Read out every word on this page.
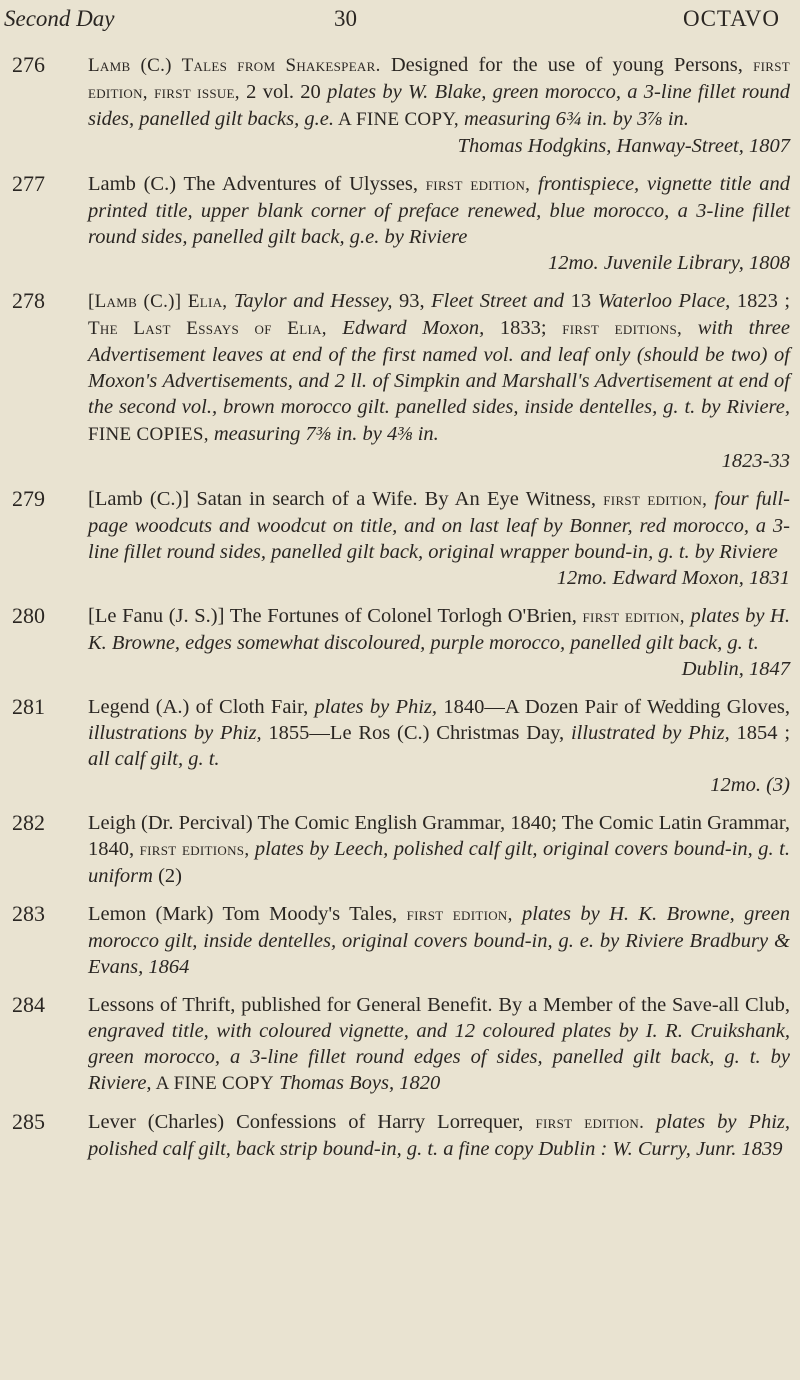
Second Day	30	OCTAVO
276	Lamb (C.) Tales from Shakespear. Designed for the use of young Persons, first edition, first issue, 2 vol. 20 plates by W. Blake, green morocco, a 3-line fillet round sides, panelled gilt backs, g.e. A FINE COPY, measuring 6¾ in. by 3⅞ in.
Thomas Hodgkins, Hanway-Street, 1807
277	Lamb (C.) The Adventures of Ulysses, first edition, frontispiece, vignette title and printed title, upper blank corner of preface renewed, blue morocco, a 3-line fillet round sides, panelled gilt back, g.e. by Riviere
12mo. Juvenile Library, 1808
278	[Lamb (C.)] Elia, Taylor and Hessey, 93, Fleet Street and 13 Waterloo Place, 1823 ; The Last Essays of Elia, Edward Moxon, 1833; first editions, with three Advertisement leaves at end of the first named vol. and leaf only (should be two) of Moxon's Advertisements, and 2 ll. of Simpkin and Marshall's Advertisement at end of the second vol., brown morocco gilt. panelled sides, inside dentelles, g. t. by Riviere, FINE COPIES, measuring 7⅜ in. by 4⅜ in.
1823-33
279	[Lamb (C.)] Satan in search of a Wife. By An Eye Witness, first edition, four full-page woodcuts and woodcut on title, and on last leaf by Bonner, red morocco, a 3-line fillet round sides, panelled gilt back, original wrapper bound-in, g. t. by Riviere
12mo. Edward Moxon, 1831
280	[Le Fanu (J. S.)] The Fortunes of Colonel Torlogh O'Brien, first edition, plates by H. K. Browne, edges somewhat discoloured, purple morocco, panelled gilt back, g. t.
Dublin, 1847
281	Legend (A.) of Cloth Fair, plates by Phiz, 1840—A Dozen Pair of Wedding Gloves, illustrations by Phiz, 1855—Le Ros (C.) Christmas Day, illustrated by Phiz, 1854 ; all calf gilt, g. t.
12mo. (3)
282	Leigh (Dr. Percival) The Comic English Grammar, 1840; The Comic Latin Grammar, 1840, first editions, plates by Leech, polished calf gilt, original covers bound-in, g. t. uniform (2)
283	Lemon (Mark) Tom Moody's Tales, first edition, plates by H. K. Browne, green morocco gilt, inside dentelles, original covers bound-in, g. e. by Riviere Bradbury & Evans, 1864
284	Lessons of Thrift, published for General Benefit. By a Member of the Save-all Club, engraved title, with coloured vignette, and 12 coloured plates by I. R. Cruikshank, green morocco, a 3-line fillet round edges of sides, panelled gilt back, g. t. by Riviere, A FINE COPY Thomas Boys, 1820
285	Lever (Charles) Confessions of Harry Lorrequer, first edition. plates by Phiz, polished calf gilt, back strip bound-in, g. t. a fine copy Dublin : W. Curry, Junr. 1839
